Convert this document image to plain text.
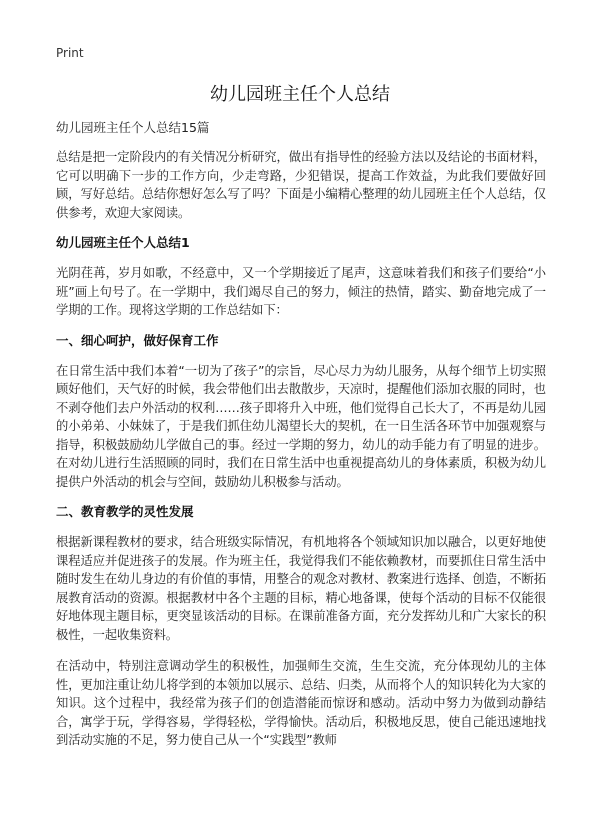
Print
幼儿园班主任个人总结

幼儿园班主任个人总结15篇

总结是把一定阶段内的有关情况分析研究，做出有指导性的经验方法以及结论的书面材料，它可以明确下一步的工作方向，少走弯路，少犯错误，提高工作效益，为此我们要做好回顾，写好总结。总结你想好怎么写了吗？下面是小编精心整理的幼儿园班主任个人总结，仅供参考，欢迎大家阅读。

幼儿园班主任个人总结1

光阴荏苒，岁月如歌，不经意中，又一个学期接近了尾声，这意味着我们和孩子们要给“小班”画上句号了。在一学期中，我们竭尽自己的努力，倾注的热情，踏实、勤奋地完成了一学期的工作。现将这学期的工作总结如下：

一、细心呵护，做好保育工作

在日常生活中我们本着“一切为了孩子”的宗旨，尽心尽力为幼儿服务，从每个细节上切实照顾好他们，天气好的时候，我会带他们出去散散步，天凉时，提醒他们添加衣服的同时，也不剥夺他们去户外活动的权利……孩子即将升入中班，他们觉得自己长大了，不再是幼儿园的小弟弟、小妹妹了，于是我们抓住幼儿渴望长大的契机，在一日生活各环节中加强观察与指导，积极鼓励幼儿学做自己的事。经过一学期的努力，幼儿的动手能力有了明显的进步。在对幼儿进行生活照顾的同时，我们在日常生活中也重视提高幼儿的身体素质，积极为幼儿提供户外活动的机会与空间，鼓励幼儿积极参与活动。

二、教育教学的灵性发展

根据新课程教材的要求，结合班级实际情况，有机地将各个领域知识加以融合，以更好地使课程适应并促进孩子的发展。作为班主任，我觉得我们不能依赖教材，而要抓住日常生活中随时发生在幼儿身边的有价值的事情，用整合的观念对教材、教案进行选择、创造，不断拓展教育活动的资源。根据教材中各个主题的目标，精心地备课，使每个活动的目标不仅能很好地体现主题目标，更突显该活动的目标。在课前准备方面，充分发挥幼儿和广大家长的积极性，一起收集资料。

在活动中，特别注意调动学生的积极性，加强师生交流，生生交流，充分体现幼儿的主体性，更加注重让幼儿将学到的本领加以展示、总结、归类，从而将个人的知识转化为大家的知识。这个过程中，我经常为孩子们的创造潜能而惊讶和感动。活动中努力为做到动静结合，寓学于玩，学得容易，学得轻松，学得愉快。活动后，积极地反思，使自己能迅速地找到活动实施的不足，努力使自己从一个“实践型”教师
